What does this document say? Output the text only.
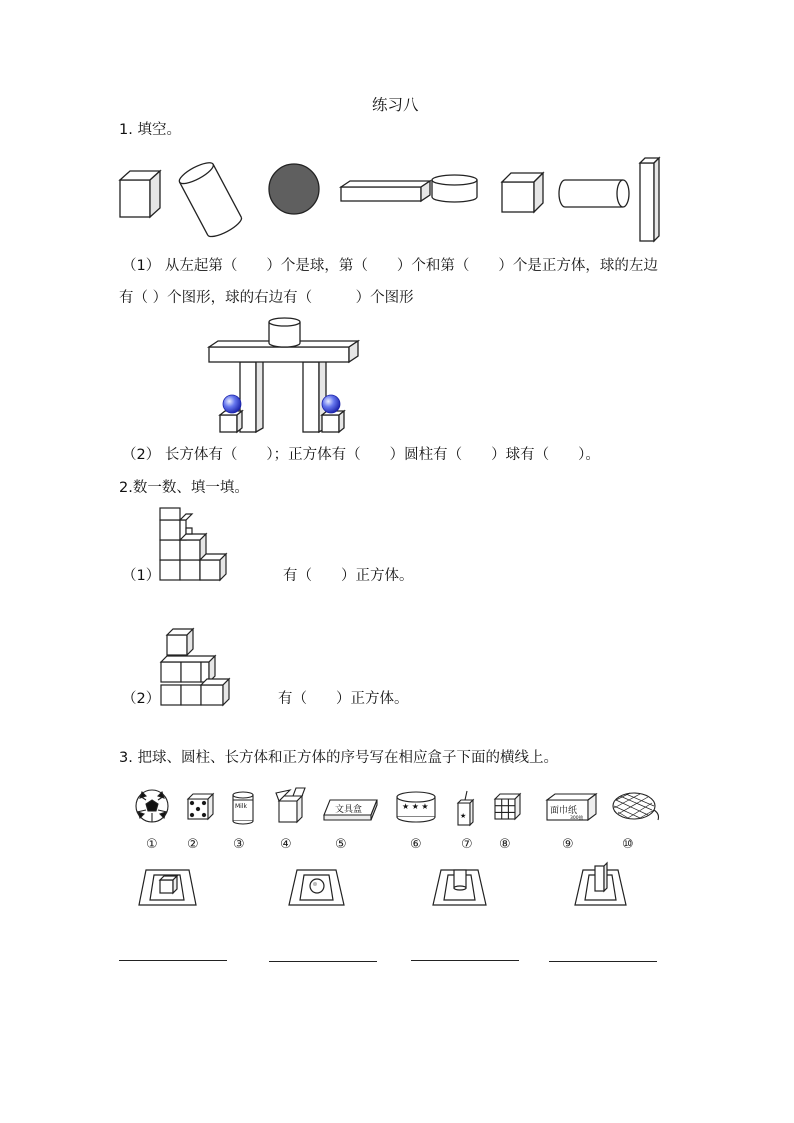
练习八
1. 填空。
（1） 从左起第（　　）个是球，第（　　）个和第（　　）个是正方体，球的左边
有（ ）个图形，球的右边有（　　　）个图形
（2） 长方体有（　　）；正方体有（　　）圆柱有（　　）球有（　　）。
2.数一数、填一填。
（1）	有（　　）正方体。
（2）	有（　　）正方体。
3. 把球、圆柱、长方体和正方体的序号写在相应盒子下面的横线上。
★ ★ ★
★
Milk	文具盒	面巾纸
300抽
① ②	③	④	⑤	⑥	⑦ ⑧	⑨	⑩
